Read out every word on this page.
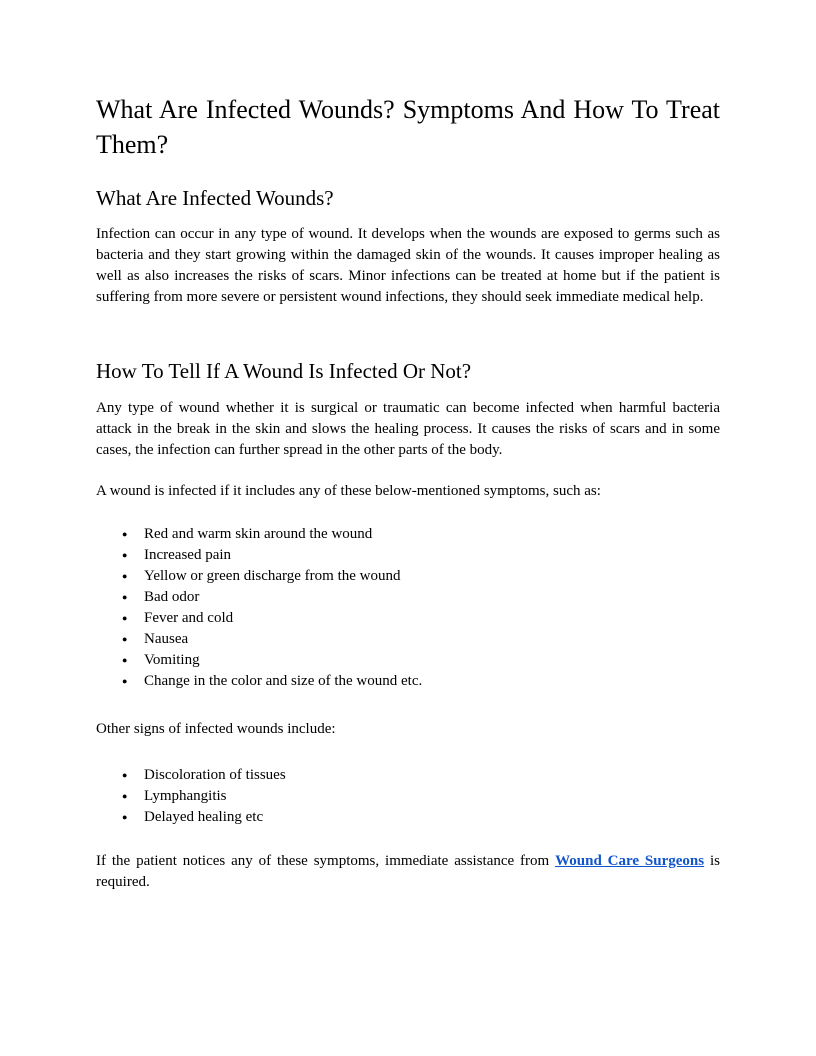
What Are Infected Wounds? Symptoms And How To Treat Them?
What Are Infected Wounds?

Infection can occur in any type of wound. It develops when the wounds are exposed to germs such as bacteria and they start growing within the damaged skin of the wounds. It causes improper healing as well as also increases the risks of scars. Minor infections can be treated at home but if the patient is suffering from more severe or persistent wound infections, they should seek immediate medical help.

How To Tell If A Wound Is Infected Or Not?

Any type of wound whether it is surgical or traumatic can become infected when harmful bacteria attack in the break in the skin and slows the healing process. It causes the risks of scars and in some cases, the infection can further spread in the other parts of the body.

A wound is infected if it includes any of these below-mentioned symptoms, such as:

● Red and warm skin around the wound
● Increased pain
● Yellow or green discharge from the wound
● Bad odor
● Fever and cold
● Nausea
● Vomiting
● Change in the color and size of the wound etc.

Other signs of infected wounds include:

● Discoloration of tissues
● Lymphangitis
● Delayed healing etc

If the patient notices any of these symptoms, immediate assistance from Wound Care Surgeons is required.
